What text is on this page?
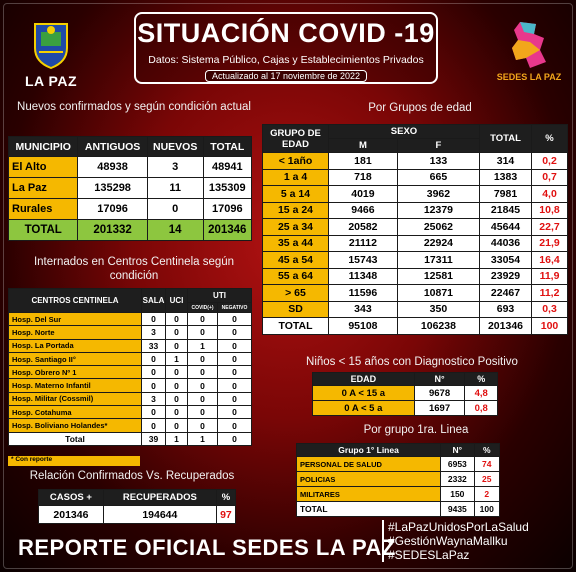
LA PAZ	SEDES LA PAZ
SITUACIÓN COVID -19
Datos: Sistema Público, Cajas y Establecimientos Privados
Actualizado al 17 noviembre de 2022
Nuevos confirmados y según condición actual
MUNICIPIO	ANTIGUOS	NUEVOS	TOTAL
El Alto	48938	3	48941
La Paz	135298	11	135309
Rurales	17096	0	17096
TOTAL	201332	14	201346
Por Grupos de edad
GRUPO DE EDAD	SEXO		TOTAL	%
	M	F		
< 1año	181	133	314	0,2
1 a 4	718	665	1383	0,7
5 a 14	4019	3962	7981	4,0
15 a 24	9466	12379	21845	10,8
25 a 34	20582	25062	45644	22,7
35 a 44	21112	22924	44036	21,9
45 a 54	15743	17311	33054	16,4
55 a 64	11348	12581	23929	11,9
> 65	11596	10871	22467	11,2
SD	343	350	693	0,3
TOTAL	95108	106238	201346	100
Internados en Centros Centinela según condición
CENTROS CENTINELA	SALA	UCI	UTI	
			COVID(+)	NEGATIVO
Hosp. Del Sur	0	0	0	0
Hosp. Norte	3	0	0	0
Hosp. La Portada	33	0	1	0
Hosp. Santiago II°	0	1	0	0
Hosp. Obrero Nº 1	0	0	0	0
Hosp. Materno Infantil	0	0	0	0
Hosp. Militar (Cossmil)	3	0	0	0
Hosp. Cotahuma	0	0	0	0
Hosp. Boliviano Holandes*	0	0	0	0
Total	39	1	1	0
* Con reporte
Niños < 15 años con Diagnostico Positivo
EDAD	N°	%
0 A < 15 a	9678	4,8
0 A < 5 a	1697	0,8
Por grupo 1ra. Linea
Grupo 1° Linea	N°	%
PERSONAL DE SALUD	6953	74
POLICIAS	2332	25
MILITARES	150	2
TOTAL	9435	100
Relación Confirmados Vs. Recuperados
CASOS +	RECUPERADOS	%
201346	194644	97
REPORTE OFICIAL SEDES LA PAZ
#LaPazUnidosPorLaSalud
#GestiónWaynaMallku
#SEDESLaPaz
